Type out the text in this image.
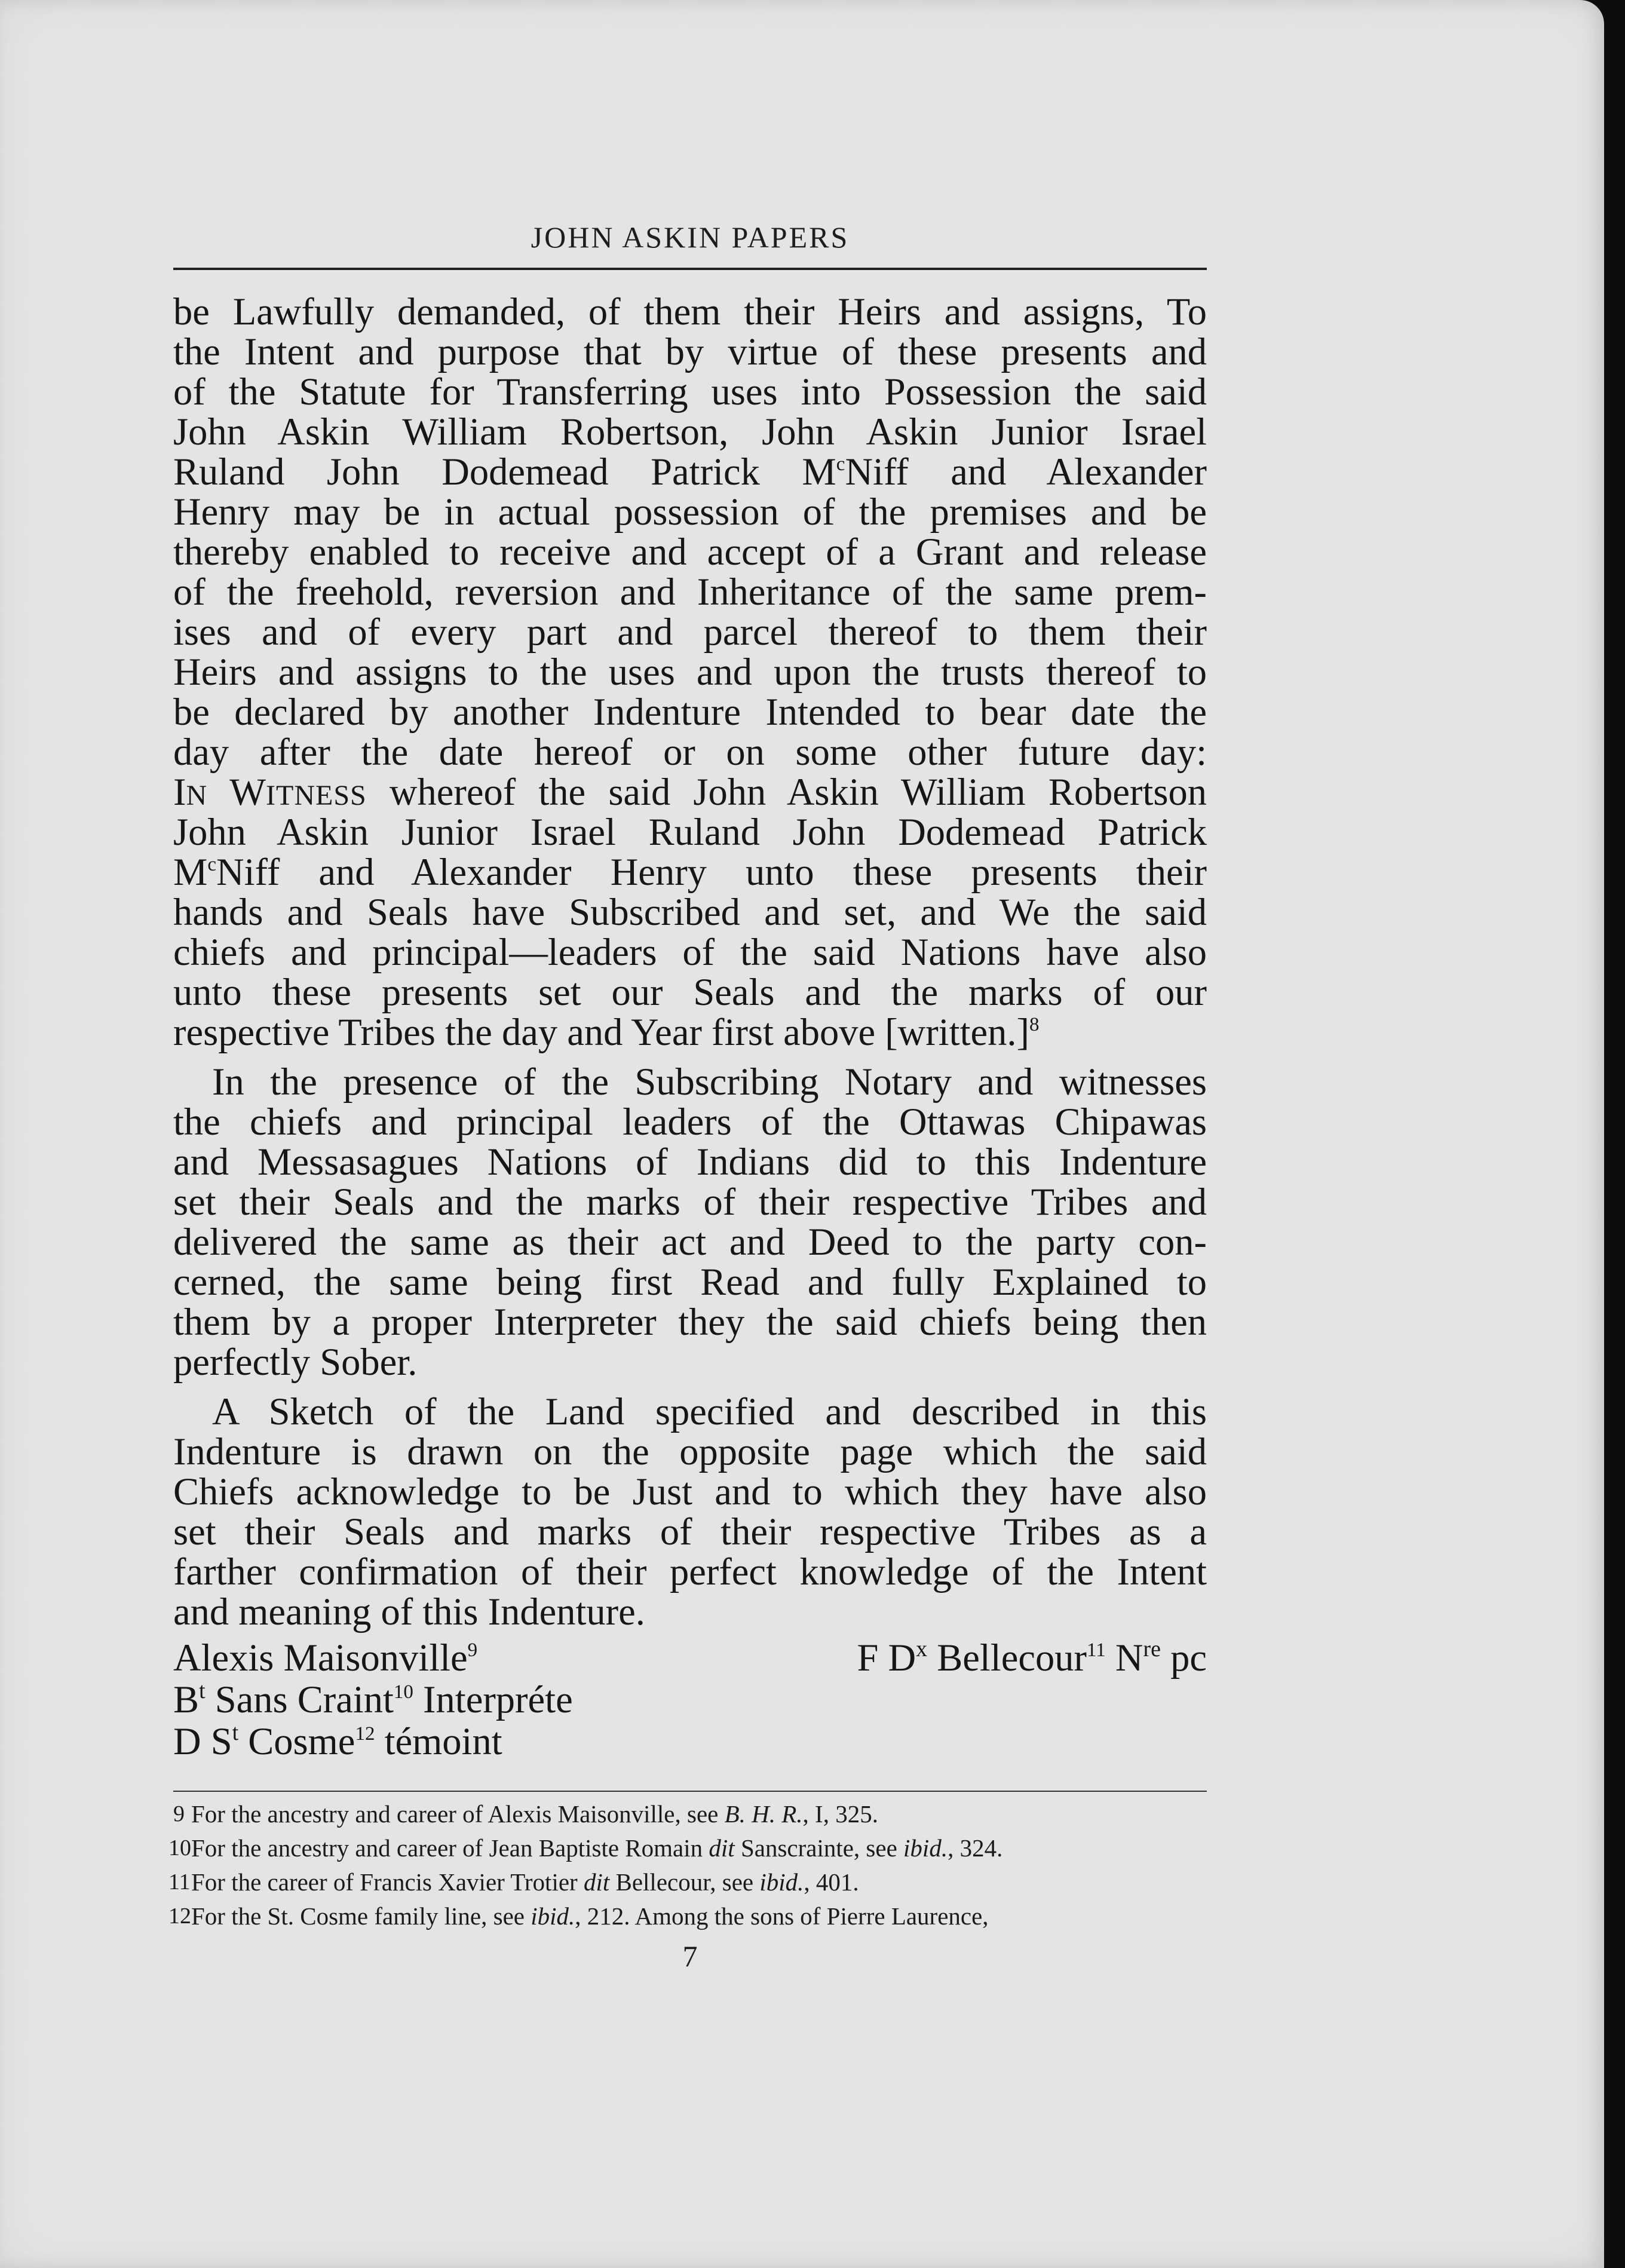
JOHN ASKIN PAPERS
be Lawfully demanded, of them their Heirs and assigns, To
the Intent and purpose that by virtue of these presents and
of the Statute for Transferring uses into Possession the said
John Askin William Robertson, John Askin Junior Israel
Ruland John Dodemead Patrick $M^cNiff$ and Alexander
Henry may be in actual possession of the premises and be
thereby enabled to receive and accept of a Grant and release
of the freehold, reversion and Inheritance of the same prem-
ises and of every part and parcel thereof to them their
Heirs and assigns to the uses and upon the trusts thereof to
be declared by another Indenture Intended to bear date the
day after the date hereof or on some other future day:
IN WITNESS whereof the said John Askin William Robertson
John Askin Junior Israel Ruland John Dodemead Patrick
$M^cNiff$ and Alexander Henry unto these presents their
hands and Seals have Subscribed and set, and We the said
chiefs and principal—leaders of the said Nations have also
unto these presents set our Seals and the marks of our
respective Tribes the day and Year first above [written.]$^8$
In the presence of the Subscribing Notary and witnesses
the chiefs and principal leaders of the Ottawas Chipawas
and Messasagues Nations of Indians did to this Indenture
set their Seals and the marks of their respective Tribes and
delivered the same as their act and Deed to the party con-
cerned, the same being first Read and fully Explained to
them by a proper Interpreter they the said chiefs being then
perfectly Sober.
A Sketch of the Land specified and described in this
Indenture is drawn on the opposite page which the said
Chiefs acknowledge to be Just and to which they have also
set their Seals and marks of their respective Tribes as a
farther confirmation of their perfect knowledge of the Intent
and meaning of this Indenture.
Alexis Maisonville$^9$	F $D^x$ Bellecour$^{11}$ $N^{re}$ pc
$B^t$ Sans Craint$^{10}$ Interpréte
D $S^t$ Cosme$^{12}$ témoint
9 For the ancestry and career of Alexis Maisonville, see B. H. R., I, 325.
10 For the ancestry and career of Jean Baptiste Romain dit Sanscrainte, see ibid., 324.
11 For the career of Francis Xavier Trotier dit Bellecour, see ibid., 401.
12 For the St. Cosme family line, see ibid., 212. Among the sons of Pierre Laurence,
7
